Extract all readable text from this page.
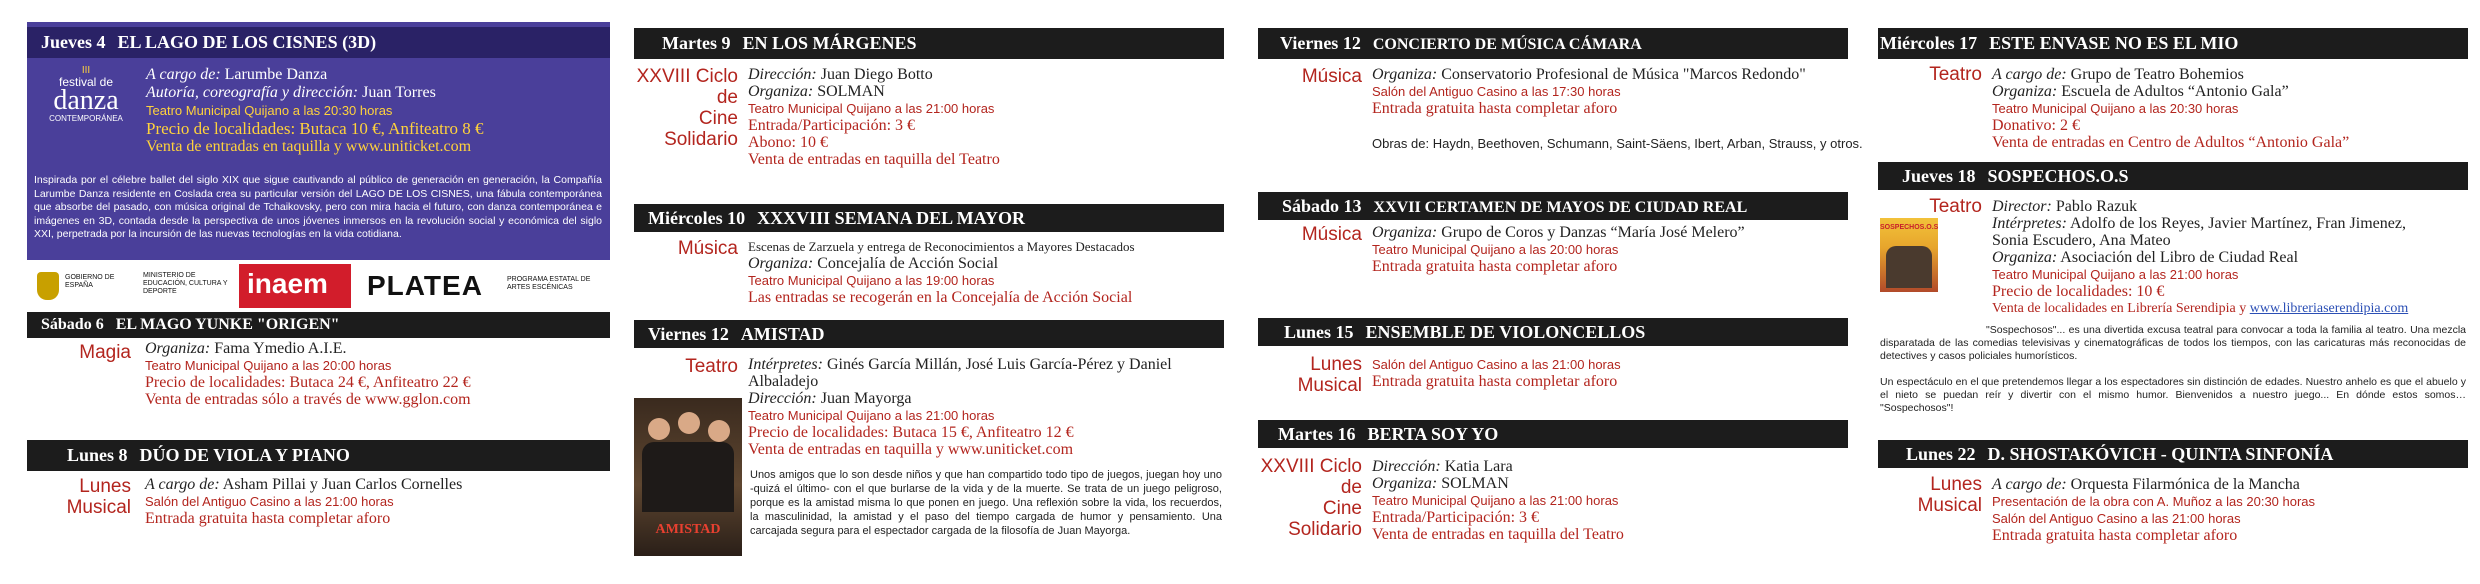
Jueves 4 EL LAGO DE LOS CISNES (3D)
III
festival de
danza
CONTEMPORÁNEA
A cargo de: Larumbe Danza
Autoría, coreografía y dirección: Juan Torres
Teatro Municipal Quijano a las 20:30 horas
Precio de localidades: Butaca 10 €, Anfiteatro 8 €
Venta de entradas en taquilla y www.uniticket.com
Inspirada por el célebre ballet del siglo XIX que sigue cautivando al público de generación en generación, la Compañía Larumbe Danza residente en Coslada crea su particular versión del LAGO DE LOS CISNES, una fábula contemporánea que absorbe del pasado, con música original de Tchaikovsky, pero con mira hacia el futuro, con danza contemporánea e imágenes en 3D, contada desde la perspectiva de unos jóvenes inmersos en la revolución social y económica del siglo XXI, perpetrada por la incursión de las nuevas tecnologías en la vida cotidiana.
GOBIERNO DE ESPAÑA
MINISTERIO DE EDUCACIÓN, CULTURA Y DEPORTE	inaem	PLATEA	PROGRAMA ESTATAL DE ARTES ESCÉNICAS
Sábado 6 EL MAGO YUNKE "ORIGEN"
Magia Organiza: Fama Ymedio A.I.E.
Teatro Municipal Quijano a las 20:00 horas
Precio de localidades: Butaca 24 €, Anfiteatro 22 €
Venta de entradas sólo a través de www.gglon.com
Lunes 8 DÚO DE VIOLA Y PIANO
Lunes
Musical
A cargo de: Asham Pillai y Juan Carlos Cornelles
Salón del Antiguo Casino a las 21:00 horas
Entrada gratuita hasta completar aforo
Martes 9 EN LOS MÁRGENES
XXVIII Ciclo de
Cine Solidario
Dirección: Juan Diego Botto
Organiza: SOLMAN
Teatro Municipal Quijano a las 21:00 horas
Entrada/Participación: 3 €
Abono: 10 €
Venta de entradas en taquilla del Teatro
Miércoles 10 XXXVIII SEMANA DEL MAYOR
Música Escenas de Zarzuela y entrega de Reconocimientos a Mayores Destacados
Organiza: Concejalía de Acción Social
Teatro Municipal Quijano a las 19:00 horas
Las entradas se recogerán en la Concejalía de Acción Social
Viernes 12 AMISTAD
Teatro Intérpretes: Ginés García Millán, José Luis García-Pérez y Daniel
Albaladejo
Dirección: Juan Mayorga
Teatro Municipal Quijano a las 21:00 horas
Precio de localidades: Butaca 15 €, Anfiteatro 12 €
Venta de entradas en taquilla y www.uniticket.com
AMISTAD
Unos amigos que lo son desde niños y que han compartido todo tipo de juegos, juegan hoy uno -quizá el último- con el que burlarse de la vida y de la muerte. Se trata de un juego peligroso, porque es la amistad misma lo que ponen en juego. Una reflexión sobre la vida, los recuerdos, la masculinidad, la amistad y el paso del tiempo cargada de humor y pensamiento. Una carcajada segura para el espectador cargada de la filosofía de Juan Mayorga.
Viernes 12 CONCIERTO DE MÚSICA CÁMARA
Música Organiza: Conservatorio Profesional de Música "Marcos Redondo"
Salón del Antiguo Casino a las 17:30 horas
Entrada gratuita hasta completar aforo
Obras de: Haydn, Beethoven, Schumann, Saint-Säens, Ibert, Arban, Strauss, y otros.
Sábado 13 XXVII CERTAMEN DE MAYOS DE CIUDAD REAL
Música Organiza: Grupo de Coros y Danzas “María José Melero”
Teatro Municipal Quijano a las 20:00 horas
Entrada gratuita hasta completar aforo
Lunes 15 ENSEMBLE DE VIOLONCELLOS
Lunes
Musical
Salón del Antiguo Casino a las 21:00 horas
Entrada gratuita hasta completar aforo
Martes 16 BERTA SOY YO
XXVIII Ciclo de
Cine Solidario
Dirección: Katia Lara
Organiza: SOLMAN
Teatro Municipal Quijano a las 21:00 horas
Entrada/Participación: 3 €
Venta de entradas en taquilla del Teatro
Miércoles 17 ESTE ENVASE NO ES EL MIO
Teatro A cargo de: Grupo de Teatro Bohemios
Organiza: Escuela de Adultos “Antonio Gala”
Teatro Municipal Quijano a las 20:30 horas
Donativo: 2 €
Venta de entradas en Centro de Adultos “Antonio Gala”
Jueves 18 SOSPECHOS.O.S
Teatro
SOSPECHOS.O.S
Director: Pablo Razuk
Intérpretes: Adolfo de los Reyes, Javier Martínez, Fran Jimenez,
Sonia Escudero, Ana Mateo
Organiza: Asociación del Libro de Ciudad Real
Teatro Municipal Quijano a las 21:00 horas
Precio de localidades: 10 €
Venta de localidades en Librería Serendipia y www.libreriaserendipia.com
"Sospechosos"... es una divertida excusa teatral para convocar a toda la familia al teatro. Una mezcla disparatada de las comedias televisivas y cinematográficas de todos los tiempos, con las caricaturas más reconocidas de detectives y casos policiales humorísticos.
Un espectáculo en el que pretendemos llegar a los espectadores sin distinción de edades. Nuestro anhelo es que el abuelo y el nieto se puedan reír y divertir con el mismo humor. Bienvenidos a nuestro juego... En dónde estos somos… "Sospechosos"!
Lunes 22 D. SHOSTAKÓVICH - QUINTA SINFONÍA
Lunes
Musical
A cargo de: Orquesta Filarmónica de la Mancha
Presentación de la obra con A. Muñoz a las 20:30 horas
Salón del Antiguo Casino a las 21:00 horas
Entrada gratuita hasta completar aforo
